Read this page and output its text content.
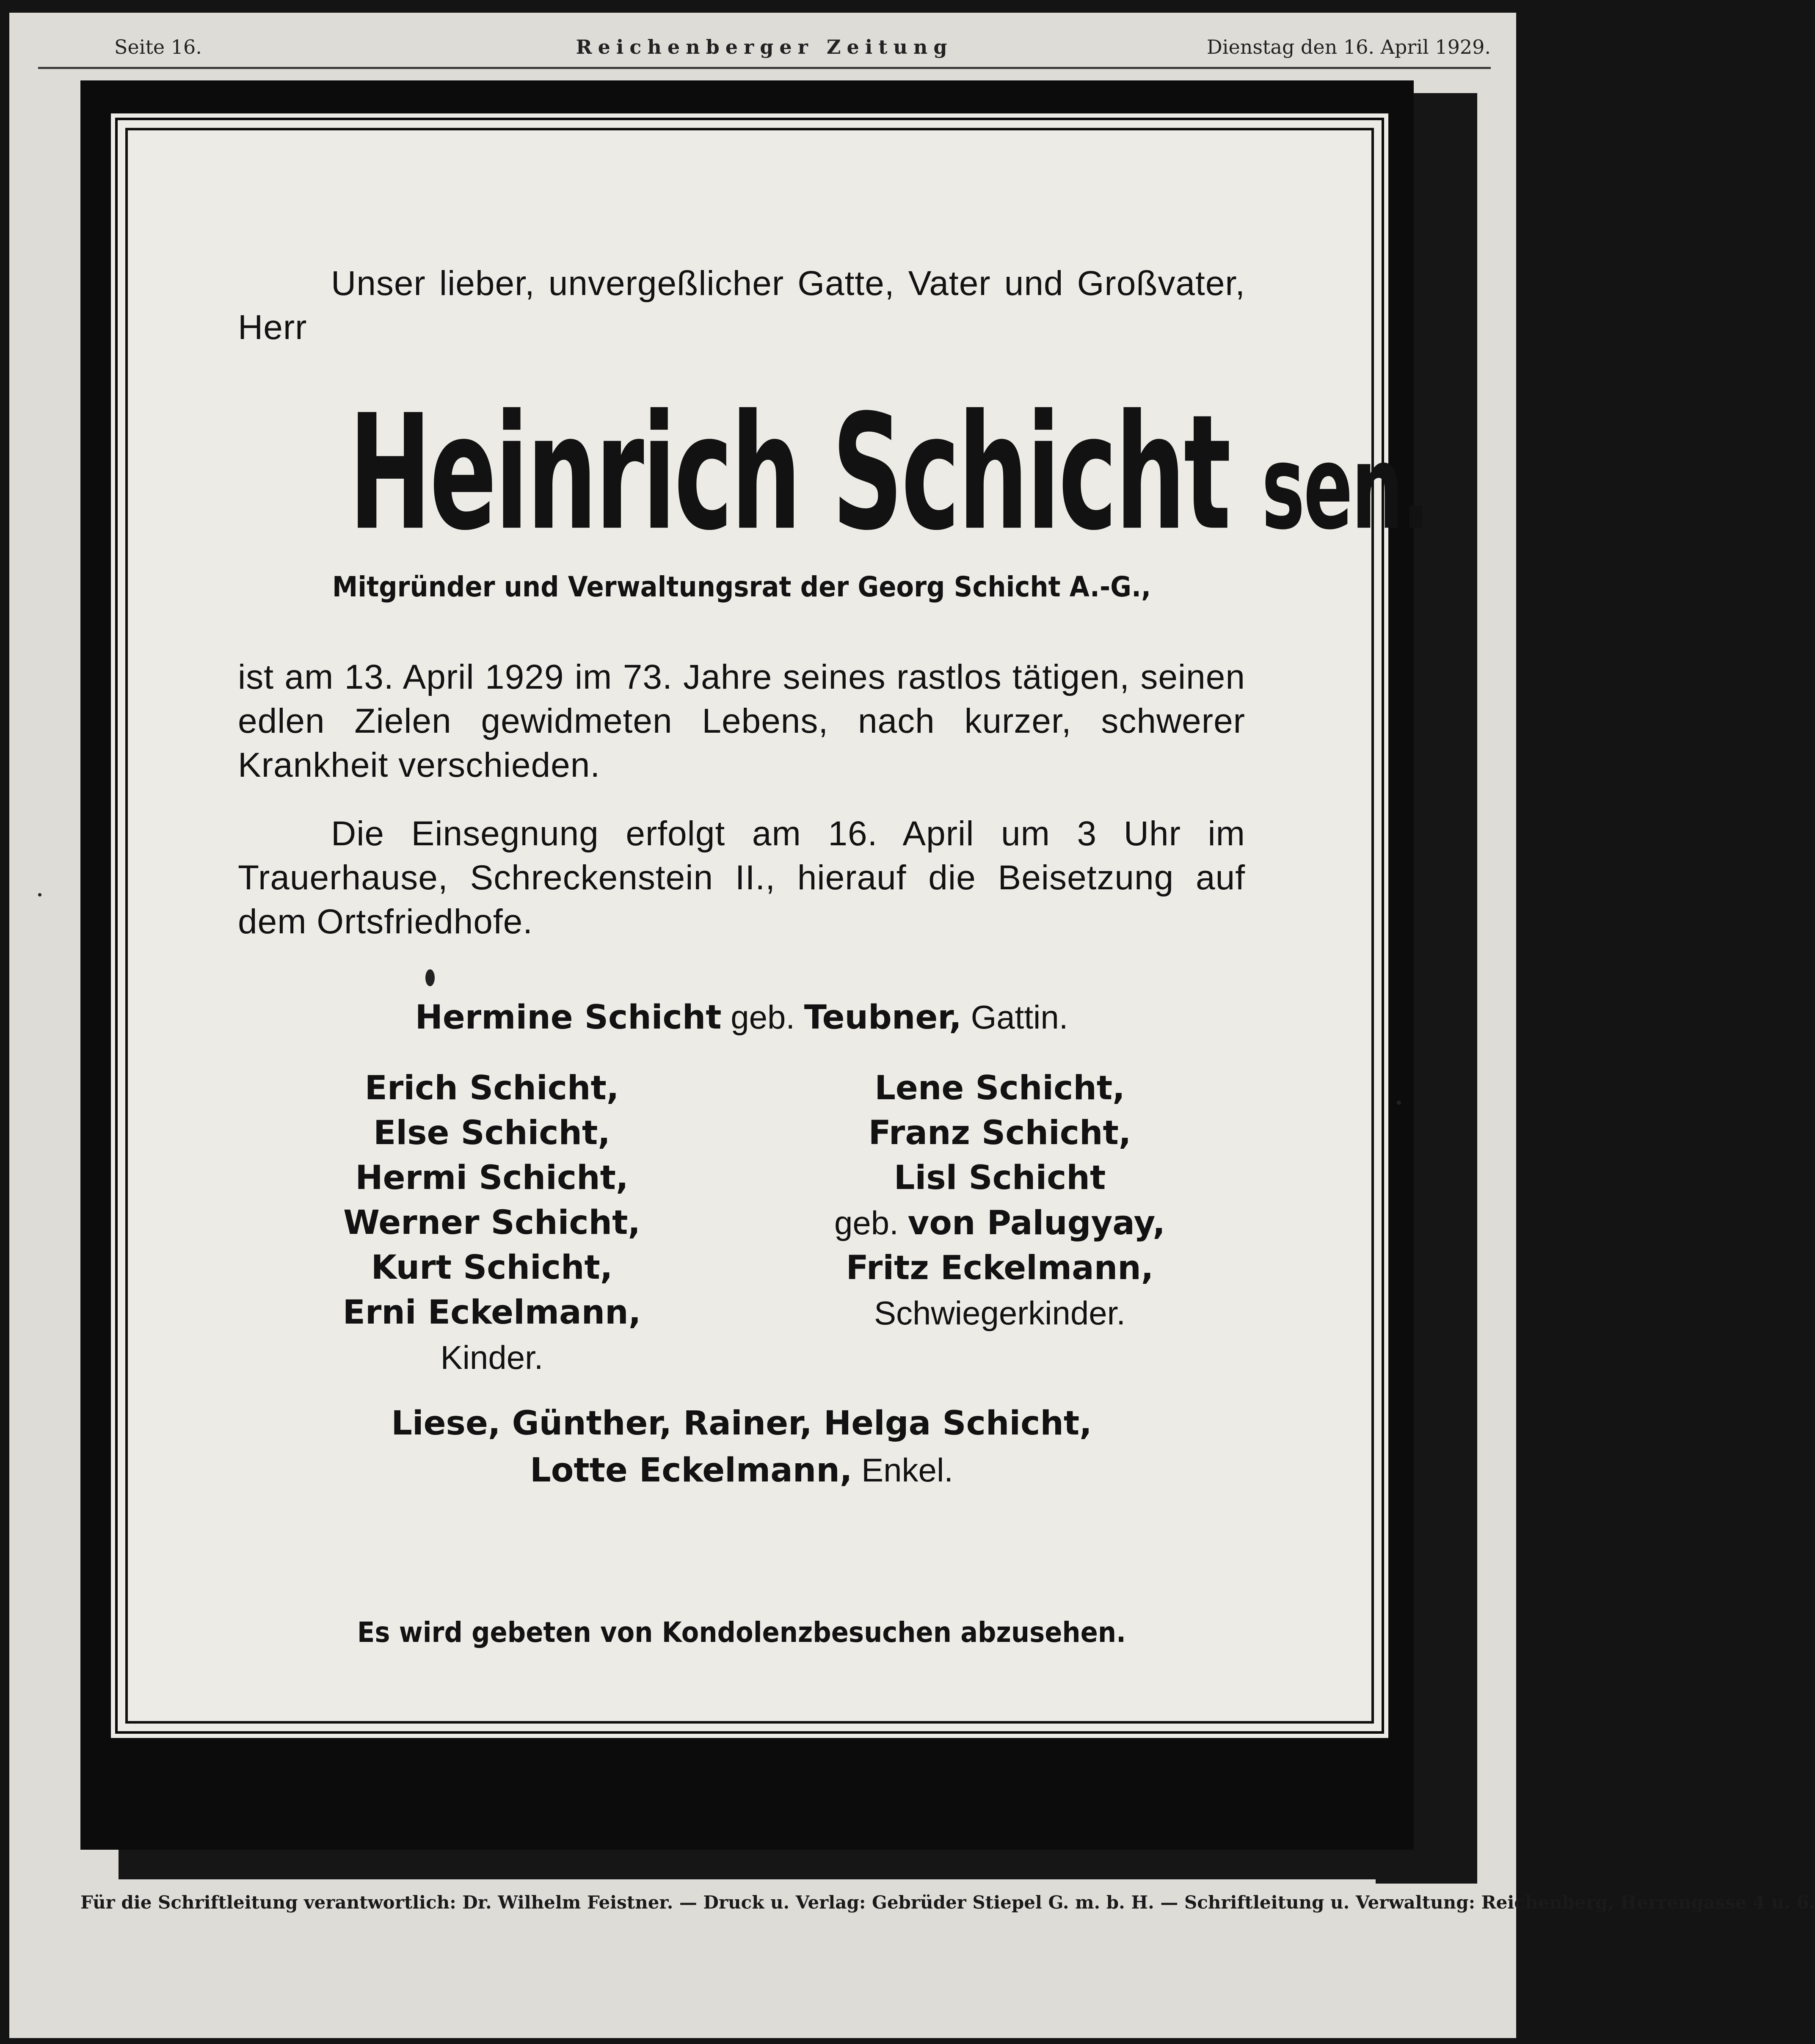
Seite 16.	Reichenberger Zeitung	Dienstag den 16. April 1929.

Unser lieber, unvergeßlicher Gatte, Vater und Großvater, Herr

Heinrich Schicht sen.
Mitgründer und Verwaltungsrat der Georg Schicht A.-G.,

ist am 13. April 1929 im 73. Jahre seines rastlos tätigen, seinen edlen Zielen gewidmeten Lebens, nach kurzer, schwerer Krankheit verschieden.

Die Einsegnung erfolgt am 16. April um 3 Uhr im Trauerhause, Schreckenstein II., hierauf die Beisetzung auf dem Ortsfriedhofe.

Hermine Schicht geb. Teubner, Gattin.
Erich Schicht,
Else Schicht,
Hermi Schicht,
Werner Schicht,
Kurt Schicht,
Erni Eckelmann,
Kinder.
Lene Schicht,
Franz Schicht,
Lisl Schicht
geb. von Palugyay,
Fritz Eckelmann,
Schwiegerkinder.
Liese, Günther, Rainer, Helga Schicht,
Lotte Eckelmann, Enkel.
Es wird gebeten von Kondolenzbesuchen abzusehen.
Für die Schriftleitung verantwortlich: Dr. Wilhelm Feistner. — Druck u. Verlag: Gebrüder Stiepel G. m. b. H. — Schriftleitung u. Verwaltung: Reichenberg, Herrengasse 4 u. 6.
